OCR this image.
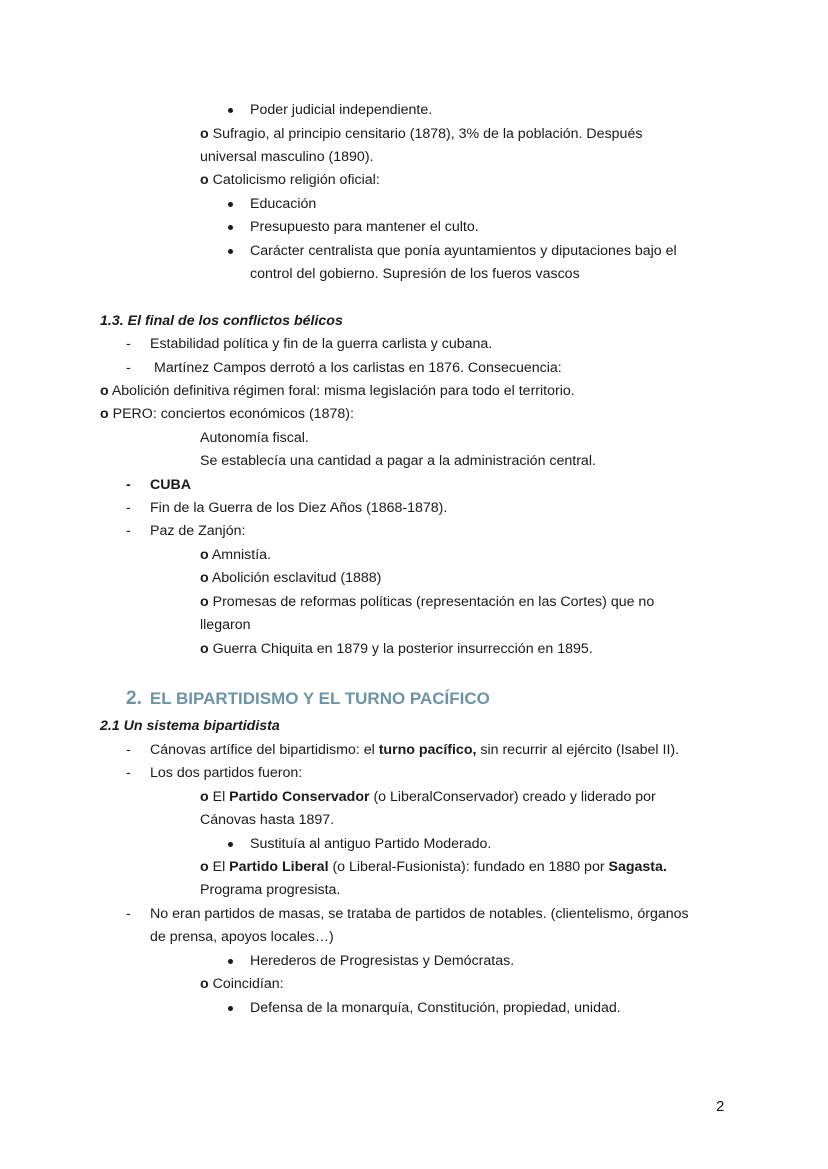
Poder judicial independiente.
o Sufragio, al principio censitario (1878), 3% de la población. Después
universal masculino (1890).
o Catolicismo religión oficial:
Educación
Presupuesto para mantener el culto.
Carácter centralista que ponía ayuntamientos y diputaciones bajo el
control del gobierno. Supresión de los fueros vascos
1.3. El final de los conflictos bélicos
- Estabilidad política y fin de la guerra carlista y cubana.
- Martínez Campos derrotó a los carlistas en 1876. Consecuencia:
o Abolición definitiva régimen foral: misma legislación para todo el territorio.
o PERO: conciertos económicos (1878):
Autonomía fiscal.
Se establecía una cantidad a pagar a la administración central.
- CUBA
- Fin de la Guerra de los Diez Años (1868-1878).
- Paz de Zanjón:
o Amnistía.
o Abolición esclavitud (1888)
o Promesas de reformas políticas (representación en las Cortes) que no
llegaron
o Guerra Chiquita en 1879 y la posterior insurrección en 1895.
2. EL BIPARTIDISMO Y EL TURNO PACÍFICO
2.1 Un sistema bipartidista
- Cánovas artífice del bipartidismo: el turno pacífico, sin recurrir al ejército (Isabel II).
- Los dos partidos fueron:
o El Partido Conservador (o LiberalConservador) creado y liderado por
Cánovas hasta 1897.
Sustituía al antiguo Partido Moderado.
o El Partido Liberal (o Liberal-Fusionista): fundado en 1880 por Sagasta.
Programa progresista.
- No eran partidos de masas, se trataba de partidos de notables. (clientelismo, órganos
de prensa, apoyos locales…)
Herederos de Progresistas y Demócratas.
o Coincidían:
Defensa de la monarquía, Constitución, propiedad, unidad.
2
